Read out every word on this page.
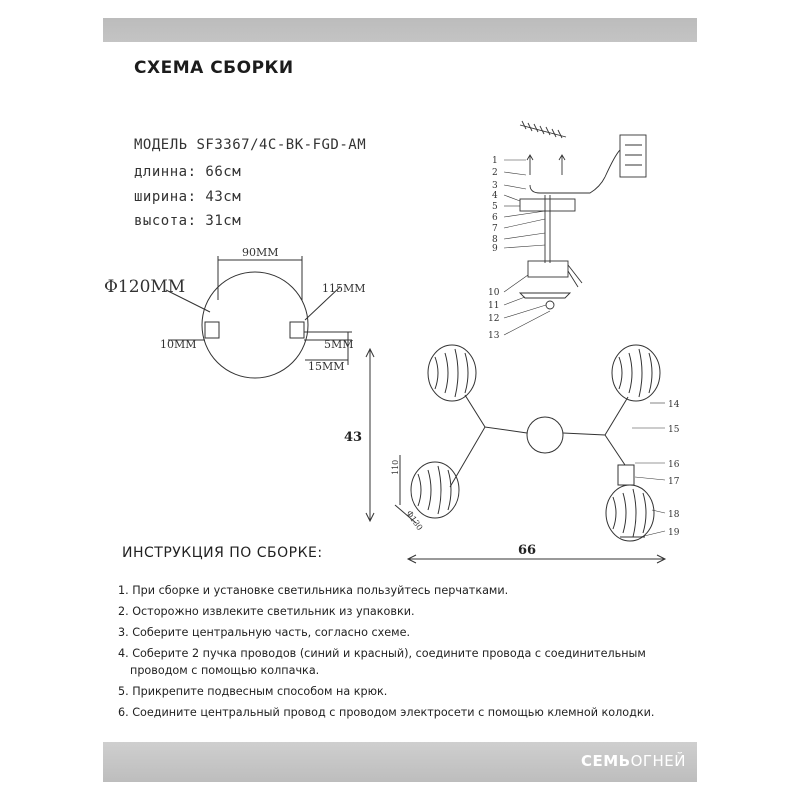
СХЕМА СБОРКИ
МОДЕЛЬ SF3367/4C-BK-FGD-AM
длинна: 66см
ширина: 43см
высота: 31см
90ММ
Φ120ММ	115ММ
10ММ	5ММ
15ММ
1
2
3
4
5
6
7
8
9
10
11
12
13
43
66
110
Ф130
14
15
16
17
18
19
ИНСТРУКЦИЯ ПО СБОРКЕ:
1. При сборке и установке светильника пользуйтесь перчатками.
2. Осторожно извлеките светильник из упаковки.
3. Соберите центральную часть, согласно схеме.
4. Соберите 2 пучка проводов (синий и красный), соедините провода с соединительным
проводом с помощью колпачка.
5. Прикрепите подвесным способом на крюк.
6. Соедините центральный провод с проводом электросети с помощью клемной колодки.
СЕМЬОГНЕЙ
